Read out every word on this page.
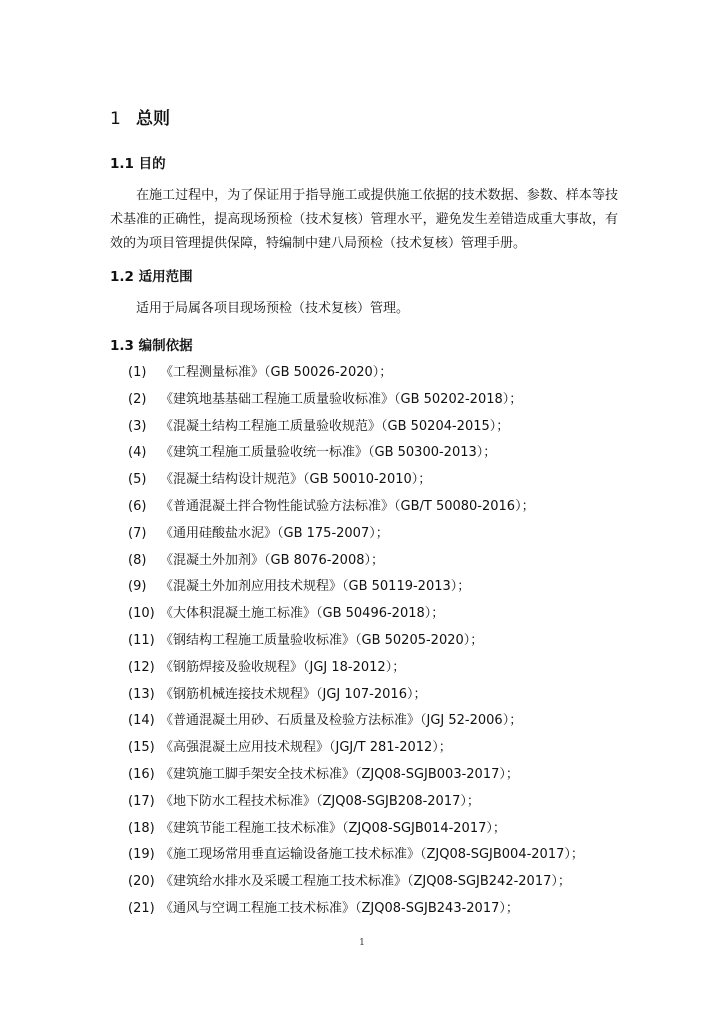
1 总则
1.1 目的
在施工过程中，为了保证用于指导施工或提供施工依据的技术数据、参数、样本等技术基准的正确性，提高现场预检（技术复核）管理水平，避免发生差错造成重大事故，有效的为项目管理提供保障，特编制中建八局预检（技术复核）管理手册。
1.2 适用范围
适用于局属各项目现场预检（技术复核）管理。
1.3 编制依据
(1) 《工程测量标准》（GB 50026-2020）；
(2) 《建筑地基基础工程施工质量验收标准》（GB 50202-2018）；
(3) 《混凝土结构工程施工质量验收规范》（GB 50204-2015）；
(4) 《建筑工程施工质量验收统一标准》（GB 50300-2013）；
(5) 《混凝土结构设计规范》（GB 50010-2010）；
(6) 《普通混凝土拌合物性能试验方法标准》（GB/T 50080-2016）；
(7) 《通用硅酸盐水泥》（GB 175-2007）；
(8) 《混凝土外加剂》（GB 8076-2008）；
(9) 《混凝土外加剂应用技术规程》（GB 50119-2013）；
(10) 《大体积混凝土施工标准》（GB 50496-2018）；
(11) 《钢结构工程施工质量验收标准》（GB 50205-2020）；
(12) 《钢筋焊接及验收规程》（JGJ 18-2012）；
(13) 《钢筋机械连接技术规程》（JGJ 107-2016）；
(14) 《普通混凝土用砂、石质量及检验方法标准》（JGJ 52-2006）；
(15) 《高强混凝土应用技术规程》（JGJ/T 281-2012）；
(16) 《建筑施工脚手架安全技术标准》（ZJQ08-SGJB003-2017）；
(17) 《地下防水工程技术标准》（ZJQ08-SGJB208-2017）；
(18) 《建筑节能工程施工技术标准》（ZJQ08-SGJB014-2017）；
(19) 《施工现场常用垂直运输设备施工技术标准》（ZJQ08-SGJB004-2017）；
(20) 《建筑给水排水及采暖工程施工技术标准》（ZJQ08-SGJB242-2017）；
(21) 《通风与空调工程施工技术标准》（ZJQ08-SGJB243-2017）；
1
